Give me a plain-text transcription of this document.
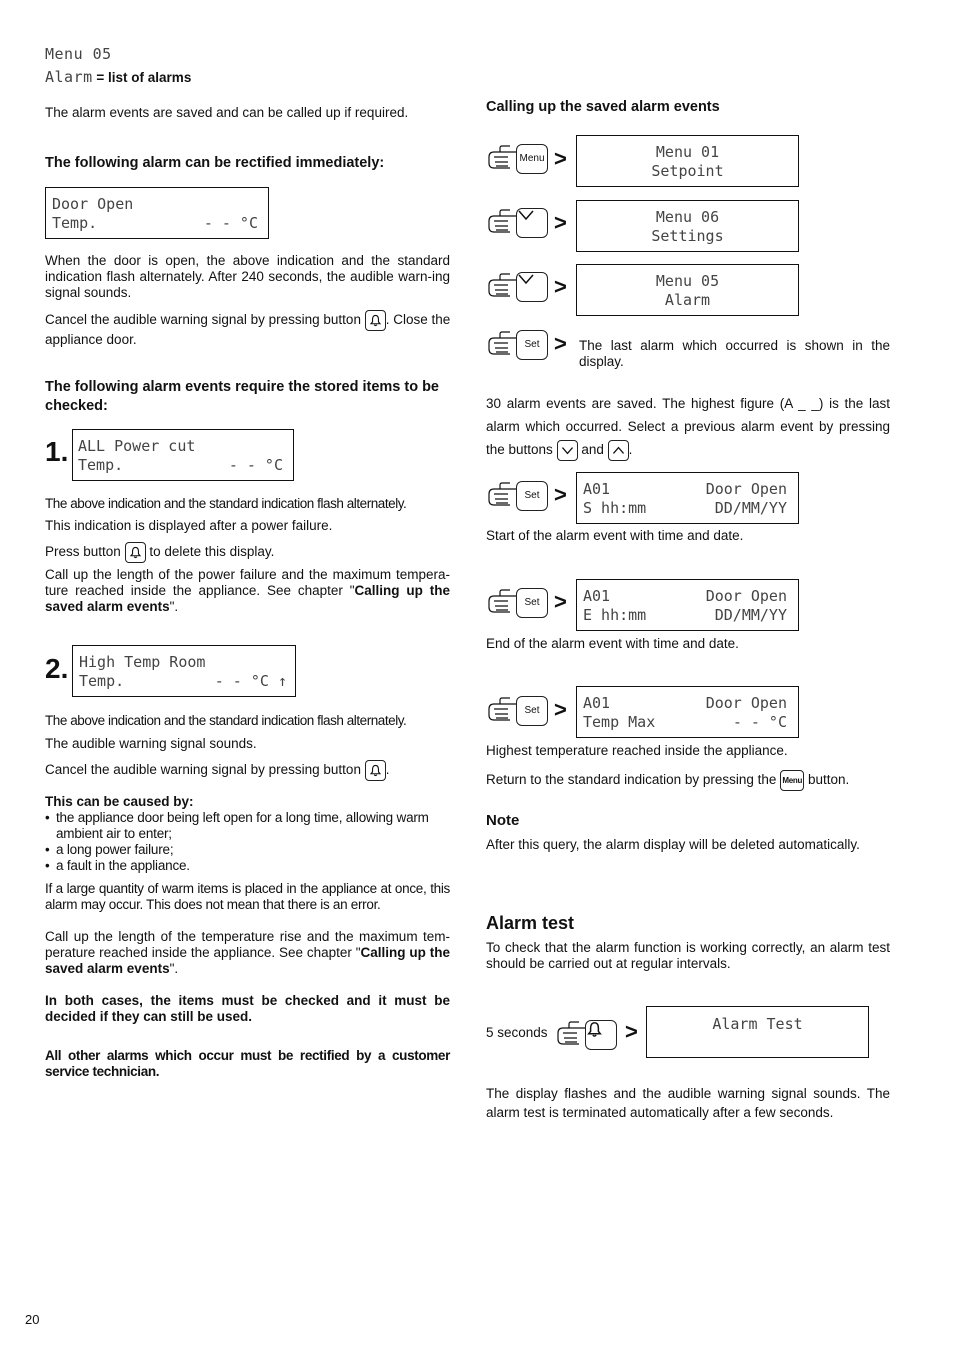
Menu 05
Alarm = list of alarms

The alarm events are saved and can be called up if required.

The following alarm can be rectified immediately:

Door Open
Temp.	- - °C

When the door is open, the above indication and the standard indication flash alternately. After 240 seconds, the audible warn-ing signal sounds.

Cancel the audible warning signal by pressing button . Close the appliance door.

The following alarm events require the stored items to be checked:

1. ALL Power cut
Temp.	- - °C

The above indication and the standard indication flash alternately.

This indication is displayed after a power failure.

Press button to delete this display.

Call up the length of the power failure and the maximum tempera-ture reached inside the appliance. See chapter "Calling up the saved alarm events".

2. High Temp Room
Temp.	- - °C ↑

The above indication and the standard indication flash alternately.

The audible warning signal sounds.

Cancel the audible warning signal by pressing button .

This can be caused by:

• the appliance door being left open for a long time, allowing warm ambient air to enter;
• a long power failure;
• a fault in the appliance.

If a large quantity of warm items is placed in the appliance at once, this alarm may occur. This does not mean that there is an error.

Call up the length of the temperature rise and the maximum tem-perature reached inside the appliance. See chapter "Calling up the saved alarm events".

In both cases, the items must be checked and it must be decided if they can still be used.

All other alarms which occur must be rectified by a customer service technician.

Calling up the saved alarm events

Menu >	Menu 01
Setpoint
>	Menu 06
Settings
>	Menu 05
Alarm
Set > The last alarm which occurred is shown in the display.

30 alarm events are saved. The highest figure (A _ _) is the last alarm which occurred. Select a previous alarm event by pressing the buttons and .

Set > A01	Door Open
S hh:mm	DD/MM/YY

Start of the alarm event with time and date.

Set > A01	Door Open
E hh:mm	DD/MM/YY

End of the alarm event with time and date.

Set > A01	Door Open
Temp Max	- - °C

Highest temperature reached inside the appliance.

Return to the standard indication by pressing the Menu button.

Note

After this query, the alarm display will be deleted automatically.

Alarm test

To check that the alarm function is working correctly, an alarm test should be carried out at regular intervals.

5 seconds	>	Alarm Test

The display flashes and the audible warning signal sounds. The alarm test is terminated automatically after a few seconds.

20
